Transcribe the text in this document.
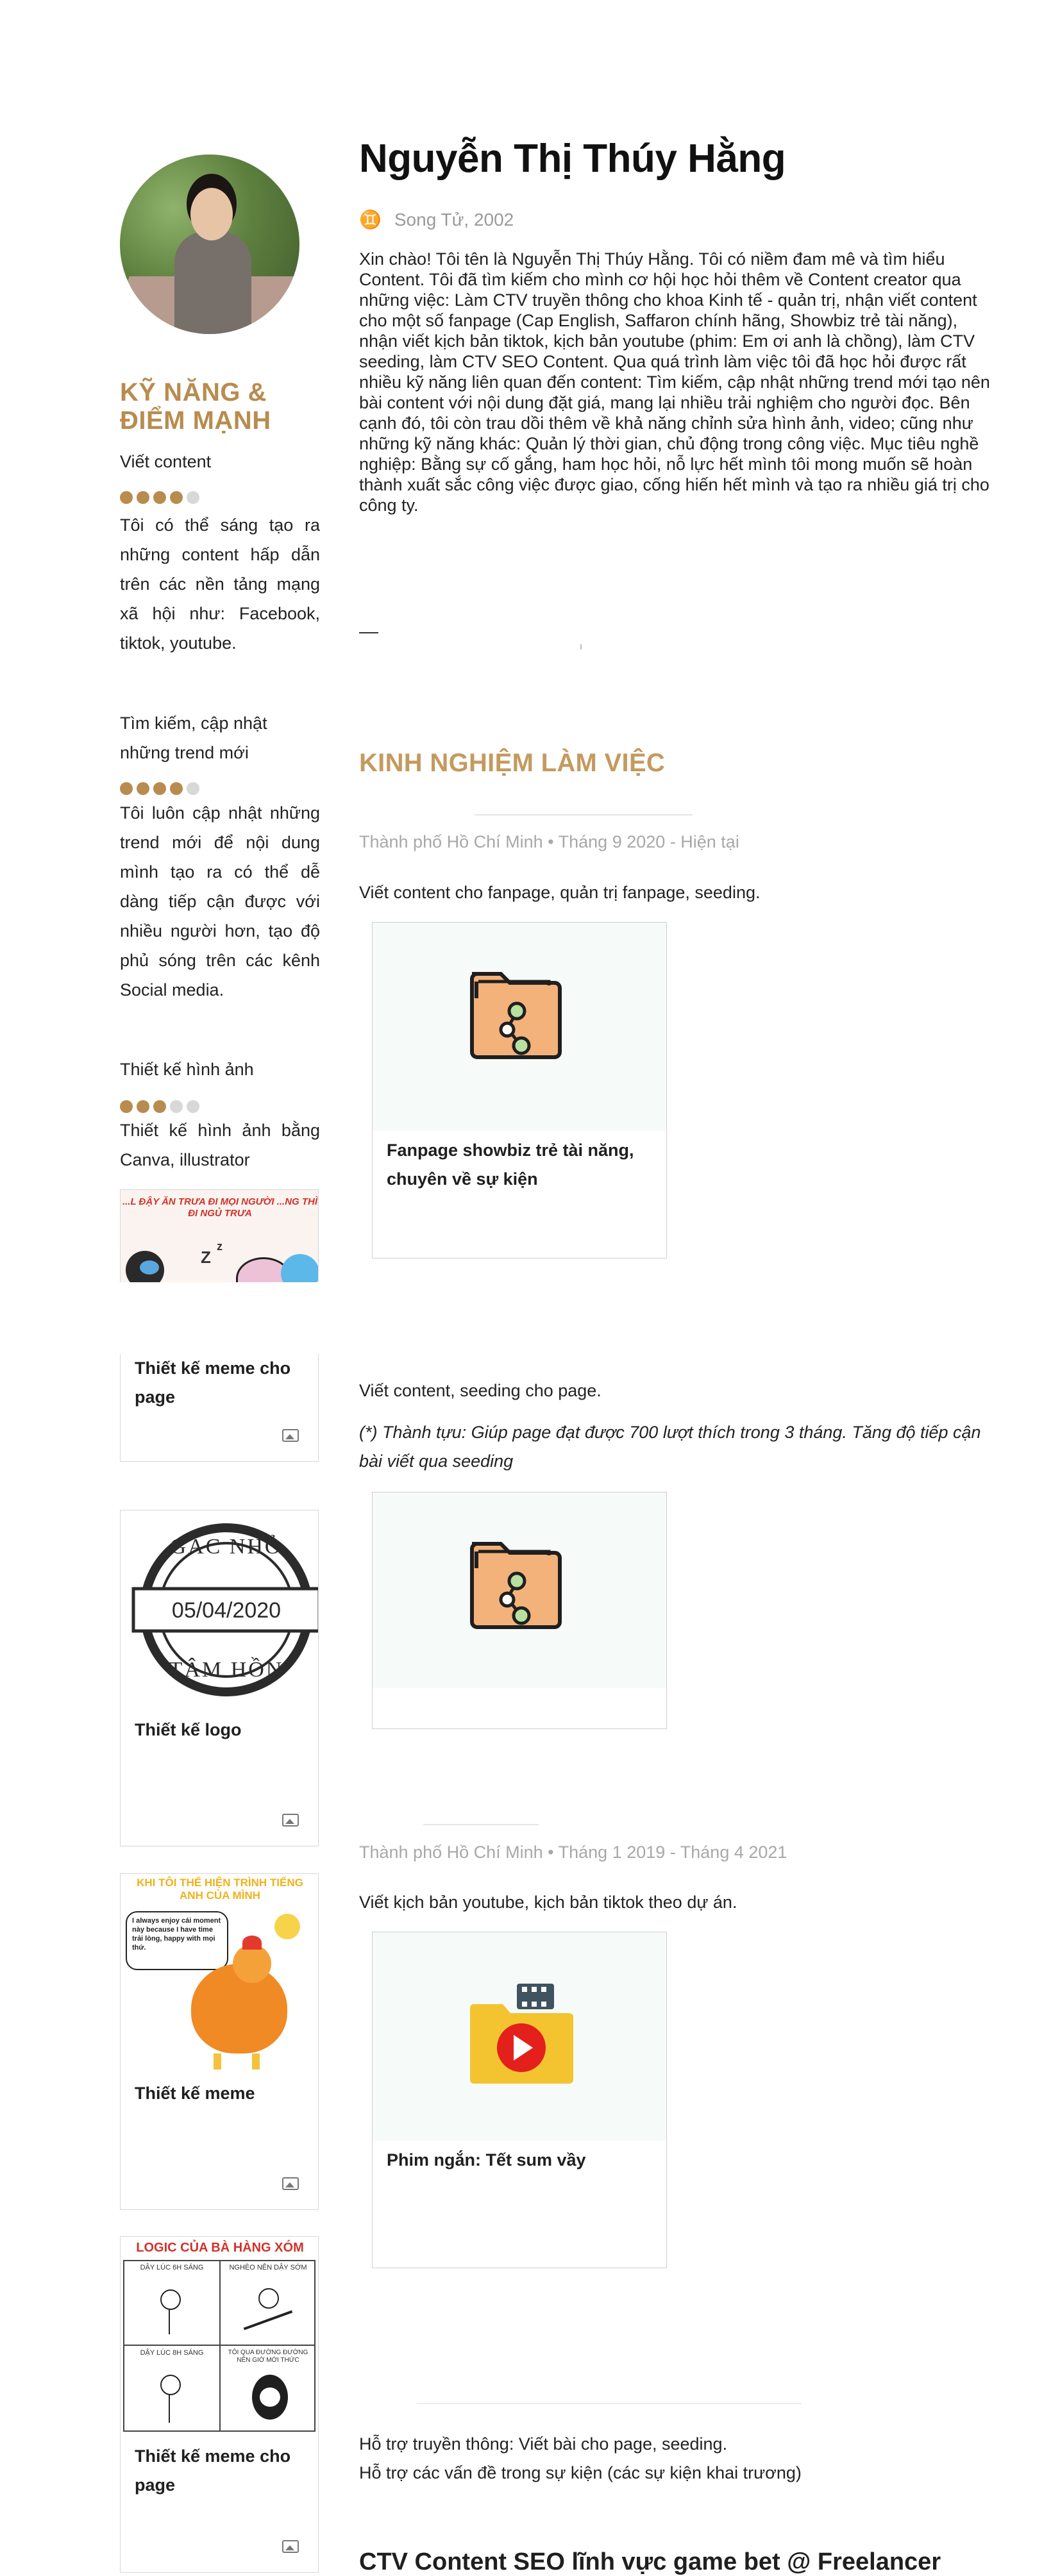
KỸ NĂNG & ĐIỂM MẠNH
Viết content
Tôi có thể sáng tạo ra những content hấp dẫn trên các nền tảng mạng xã hội như: Facebook, tiktok, youtube.
Tìm kiếm, cập nhật những trend mới
Tôi luôn cập nhật những trend mới để nội dung mình tạo ra có thể dễ dàng tiếp cận được với nhiều người hơn, tạo độ phủ sóng trên các kênh Social media.
Thiết kế hình ảnh
Thiết kế hình ảnh bằng Canva, illustrator
...L ĐẬY ĂN TRƯA ĐI MỌI NGƯỜI ...NG THÌ ĐI NGỦ TRƯA
Z
z
Thiết kế meme cho page
GÁC NHỎ
05/04/2020
TÂM HỒN
Thiết kế logo
KHI TÔI THỂ HIỆN TRÌNH TIẾNG ANH CỦA MÌNH
I always enjoy cái moment này because I have time trải lòng, happy with mọi thứ.
Thiết kế meme
LOGIC CỦA BÀ HÀNG XÓM
DẬY LÚC 6H SÁNG	NGHÈO NÊN DẬY SỚM
DẬY LÚC 8H SÁNG	TÔI QUA ĐƯỜNG ĐƯỜNG NÊN GIỜ MỚI THỨC
Thiết kế meme cho page
Nguyễn Thị Thúy Hằng
♊ Song Tử, 2002
Xin chào! Tôi tên là Nguyễn Thị Thúy Hằng. Tôi có niềm đam mê và tìm hiểu Content. Tôi đã tìm kiếm cho mình cơ hội học hỏi thêm về Content creator qua những việc: Làm CTV truyền thông cho khoa Kinh tế - quản trị, nhận viết content cho một số fanpage (Cap English, Saffaron chính hãng, Showbiz trẻ tài năng), nhận viết kịch bản tiktok, kịch bản youtube (phim: Em ơi anh là chồng), làm CTV seeding, làm CTV SEO Content. Qua quá trình làm việc tôi đã học hỏi được rất nhiều kỹ năng liên quan đến content: Tìm kiếm, cập nhật những trend mới tạo nên bài content với nội dung đặt giá, mang lại nhiều trải nghiệm cho người đọc. Bên cạnh đó, tôi còn trau dồi thêm về khả năng chỉnh sửa hình ảnh, video; cũng như những kỹ năng khác: Quản lý thời gian, chủ động trong công việc. Mục tiêu nghề nghiệp: Bằng sự cố gắng, ham học hỏi, nỗ lực hết mình tôi mong muốn sẽ hoàn thành xuất sắc công việc được giao, cống hiến hết mình và tạo ra nhiều giá trị cho công ty.
KINH NGHIỆM LÀM VIỆC
Thành phố Hồ Chí Minh • Tháng 9 2020 - Hiện tại
Viết content cho fanpage, quản trị fanpage, seeding.
Fanpage showbiz trẻ tài năng, chuyên về sự kiện
Viết content, seeding cho page.
(*) Thành tựu: Giúp page đạt được 700 lượt thích trong 3 tháng. Tăng độ tiếp cận bài viết qua seeding
Thành phố Hồ Chí Minh • Tháng 1 2019 - Tháng 4 2021
Viết kịch bản youtube, kịch bản tiktok theo dự án.
Phim ngắn: Tết sum vầy
Hỗ trợ truyền thông: Viết bài cho page, seeding.
Hỗ trợ các vấn đề trong sự kiện (các sự kiện khai trương)
CTV Content SEO lĩnh vực game bet @ Freelancer
